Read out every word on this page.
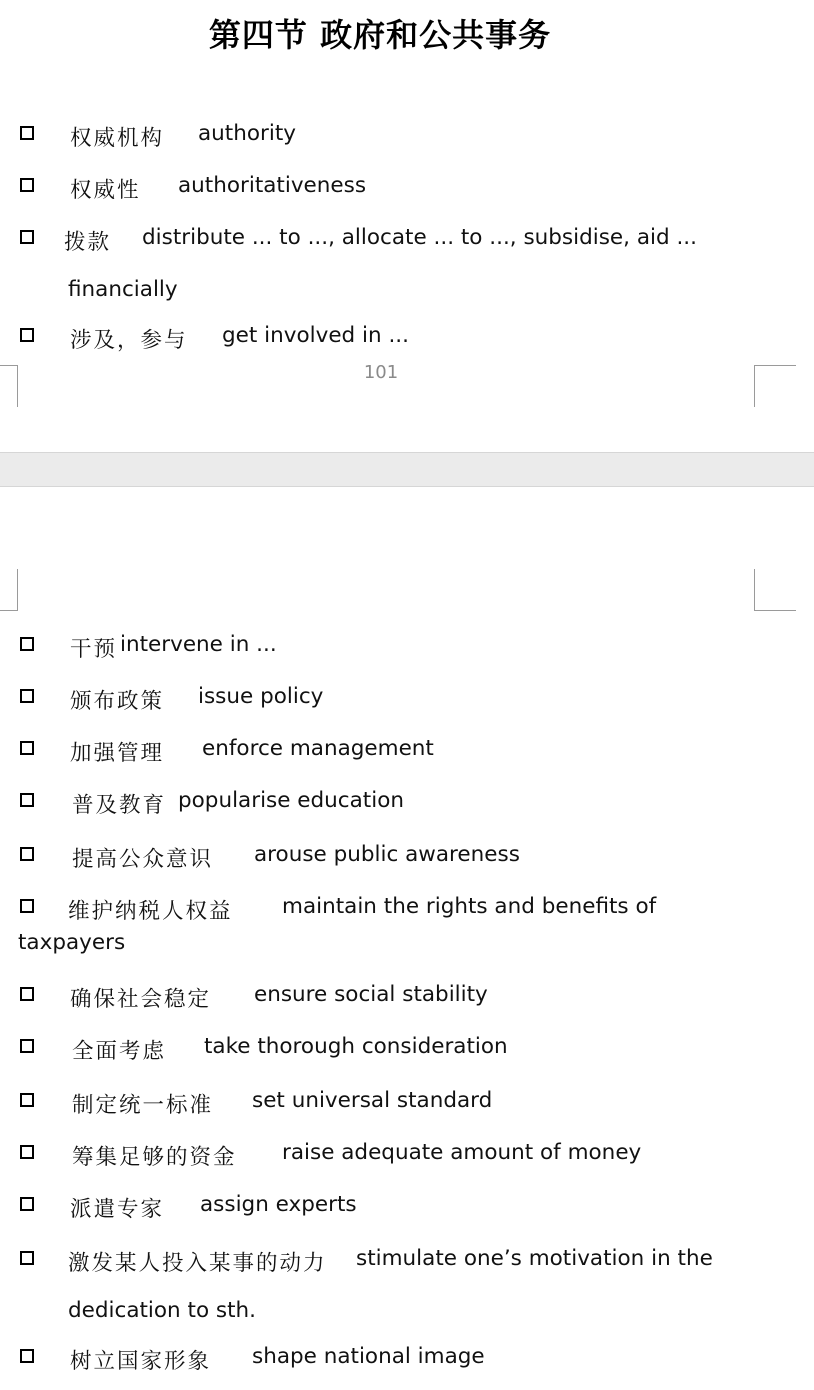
第四节 政府和公共事务
权威机构 authority
权威性 authoritativeness
拨款 distribute ... to ..., allocate ... to ..., subsidise, aid ...
financially
涉及，参与 get involved in ...
101
干预 intervene in ...
颁布政策 issue policy
加强管理 enforce management
普及教育 popularise education
提高公众意识 arouse public awareness
维护纳税人权益 maintain the rights and benefits of
taxpayers
确保社会稳定 ensure social stability
全面考虑 take thorough consideration
制定统一标准 set universal standard
筹集足够的资金 raise adequate amount of money
派遣专家 assign experts
激发某人投入某事的动力 stimulate one’s motivation in the
dedication to sth.
树立国家形象 shape national image
